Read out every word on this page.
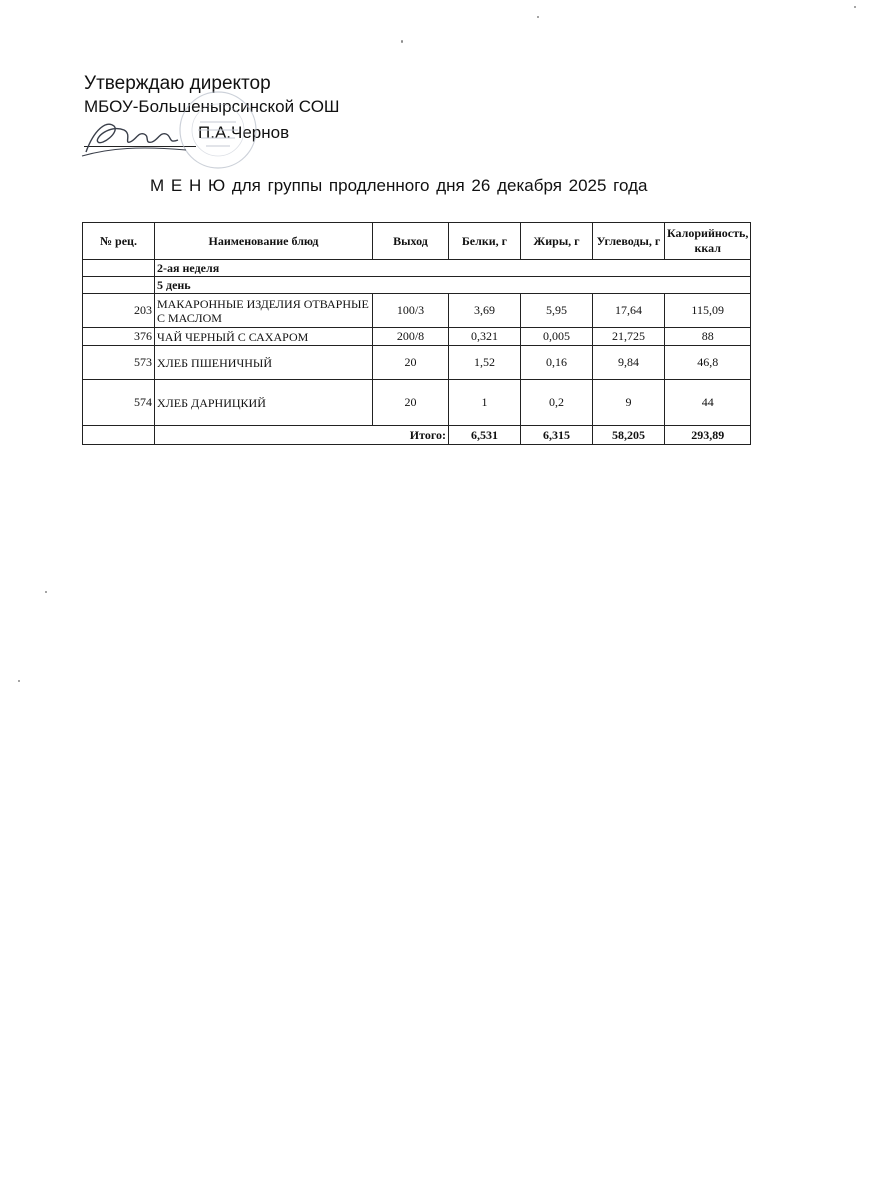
Утверждаю директор
МБОУ-Большенырсинской СОШ
П.А.Чернов
М Е Н Ю для группы продленного дня 26 декабря 2025 года
№ рец.	Наименование блюд	Выход	Белки, г	Жиры, г	Углеводы, г	Калорийность, ккал
	2-ая неделя					
	5 день					
203	МАКАРОННЫЕ ИЗДЕЛИЯ ОТВАРНЫЕ С МАСЛОМ	100/3	3,69	5,95	17,64	115,09
376	ЧАЙ ЧЕРНЫЙ С САХАРОМ	200/8	0,321	0,005	21,725	88
573	ХЛЕБ ПШЕНИЧНЫЙ	20	1,52	0,16	9,84	46,8
574	ХЛЕБ ДАРНИЦКИЙ	20	1	0,2	9	44
	Итого:		6,531	6,315	58,205	293,89
